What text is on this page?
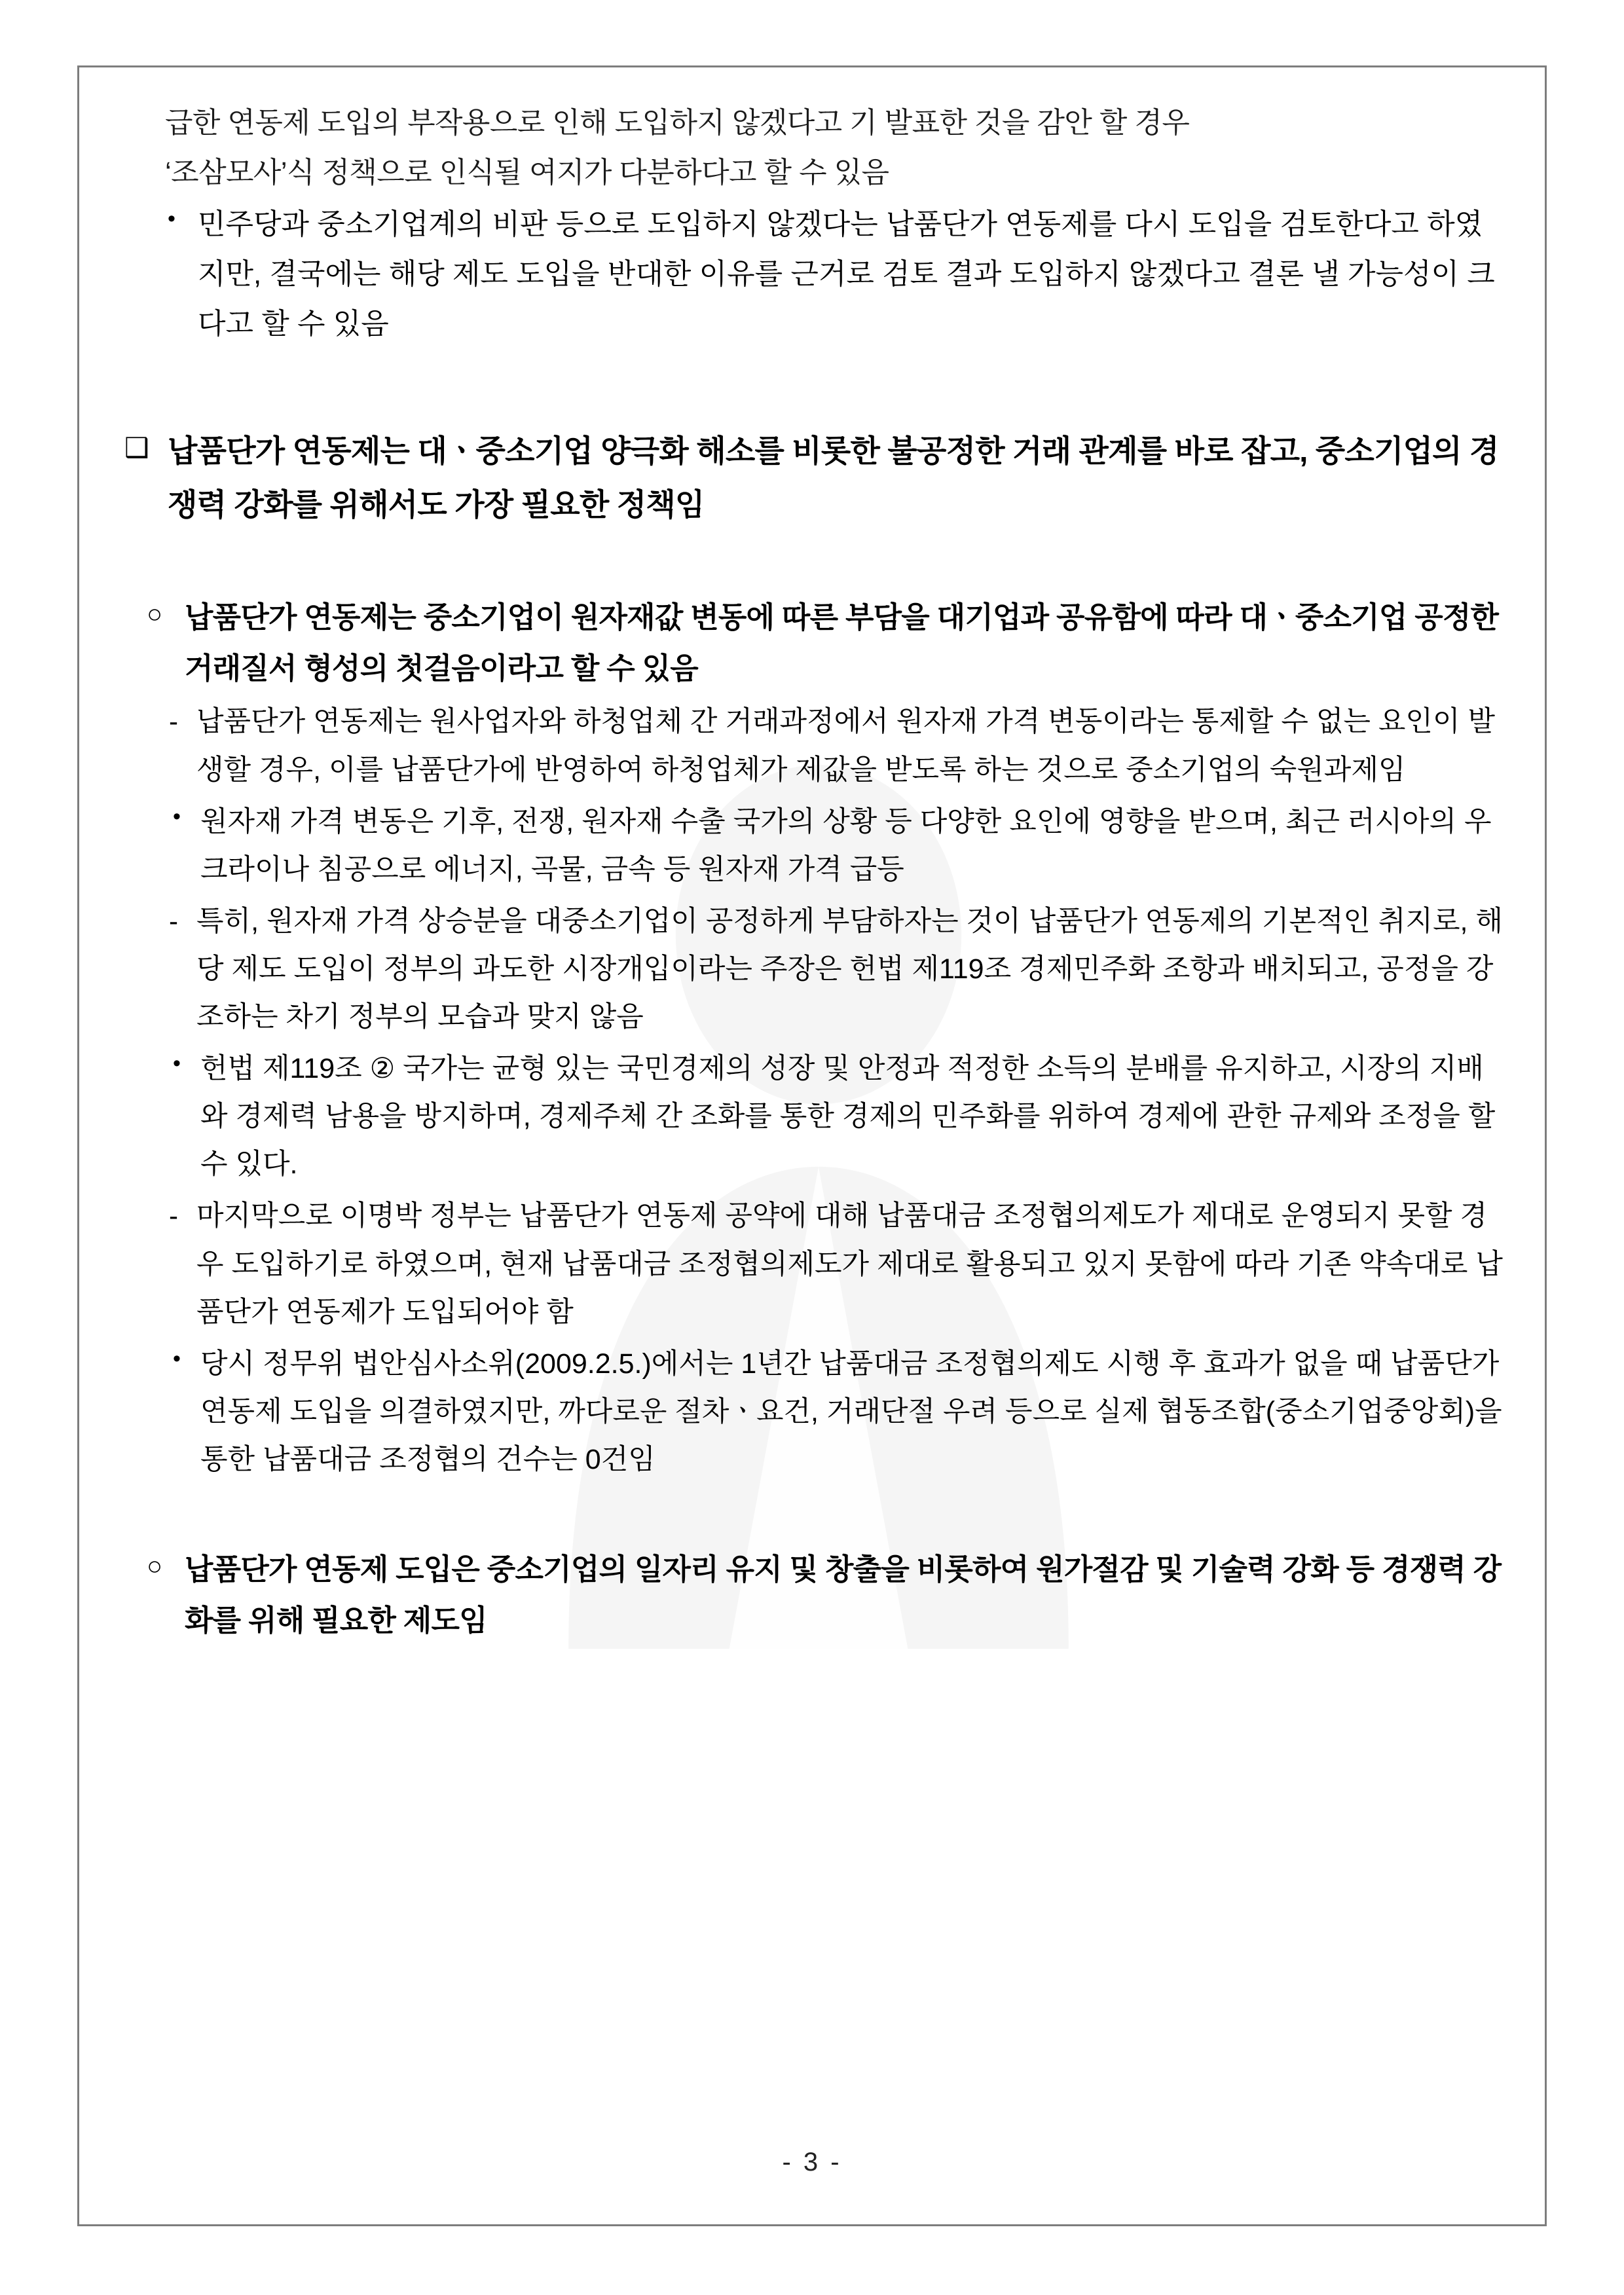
급한 연동제 도입의 부작용으로 인해 도입하지 않겠다고 기 발표한 것을 감안 할 경우
‘조삼모사’식 정책으로 인식될 여지가 다분하다고 할 수 있음
• 민주당과 중소기업계의 비판 등으로 도입하지 않겠다는 납품단가 연동제를 다시 도입을 검토한다고 하였지만, 결국에는 해당 제도 도입을 반대한 이유를 근거로 검토 결과 도입하지 않겠다고 결론 낼 가능성이 크다고 할 수 있음
❑ 납품단가 연동제는 대ㆍ중소기업 양극화 해소를 비롯한 불공정한 거래 관계를 바로 잡고, 중소기업의 경쟁력 강화를 위해서도 가장 필요한 정책임
○ 납품단가 연동제는 중소기업이 원자재값 변동에 따른 부담을 대기업과 공유함에 따라 대ㆍ중소기업 공정한 거래질서 형성의 첫걸음이라고 할 수 있음
- 납품단가 연동제는 원사업자와 하청업체 간 거래과정에서 원자재 가격 변동이라는 통제할 수 없는 요인이 발생할 경우, 이를 납품단가에 반영하여 하청업체가 제값을 받도록 하는 것으로 중소기업의 숙원과제임
• 원자재 가격 변동은 기후, 전쟁, 원자재 수출 국가의 상황 등 다양한 요인에 영향을 받으며, 최근 러시아의 우크라이나 침공으로 에너지, 곡물, 금속 등 원자재 가격 급등
- 특히, 원자재 가격 상승분을 대중소기업이 공정하게 부담하자는 것이 납품단가 연동제의 기본적인 취지로, 해당 제도 도입이 정부의 과도한 시장개입이라는 주장은 헌법 제119조 경제민주화 조항과 배치되고, 공정을 강조하는 차기 정부의 모습과 맞지 않음
• 헌법 제119조 ② 국가는 균형 있는 국민경제의 성장 및 안정과 적정한 소득의 분배를 유지하고, 시장의 지배와 경제력 남용을 방지하며, 경제주체 간 조화를 통한 경제의 민주화를 위하여 경제에 관한 규제와 조정을 할 수 있다.
- 마지막으로 이명박 정부는 납품단가 연동제 공약에 대해 납품대금 조정협의제도가 제대로 운영되지 못할 경우 도입하기로 하였으며, 현재 납품대금 조정협의제도가 제대로 활용되고 있지 못함에 따라 기존 약속대로 납품단가 연동제가 도입되어야 함
• 당시 정무위 법안심사소위(2009.2.5.)에서는 1년간 납품대금 조정협의제도 시행 후 효과가 없을 때 납품단가 연동제 도입을 의결하였지만, 까다로운 절차ㆍ요건, 거래단절 우려 등으로 실제 협동조합(중소기업중앙회)을 통한 납품대금 조정협의 건수는 0건임
○ 납품단가 연동제 도입은 중소기업의 일자리 유지 및 창출을 비롯하여 원가절감 및 기술력 강화 등 경쟁력 강화를 위해 필요한 제도임
- 3 -
